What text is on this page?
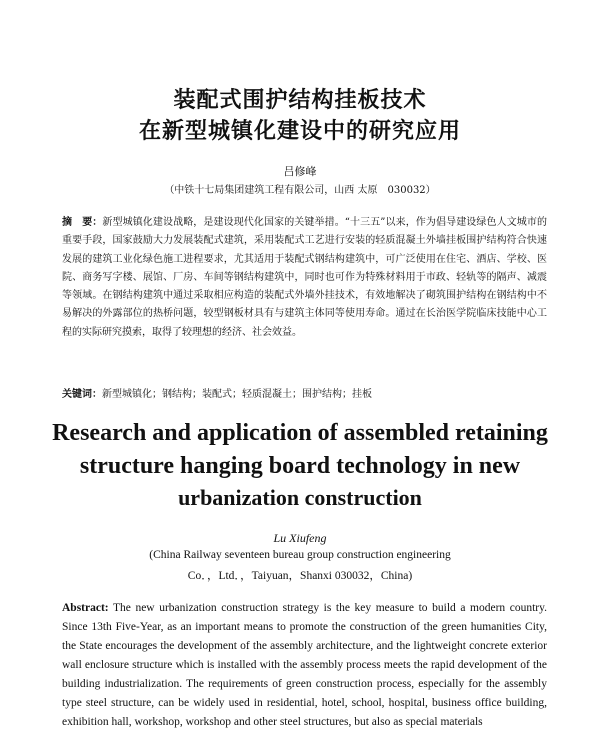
装配式围护结构挂板技术
在新型城镇化建设中的研究应用
吕修峰
（中铁十七局集团建筑工程有限公司，山西 太原　030032）
摘　要：新型城镇化建设战略，是建设现代化国家的关键举措。“十三五”以来，作为倡导建设绿色人文城市的重要手段，国家鼓励大力发展装配式建筑，采用装配式工艺进行安装的轻质混凝土外墙挂板围护结构符合快速发展的建筑工业化绿色施工进程要求，尤其适用于装配式钢结构建筑中，可广泛使用在住宅、酒店、学校、医院、商务写字楼、展馆、厂房、车间等钢结构建筑中，同时也可作为特殊材料用于市政、轻轨等的隔声、减震等领域。在钢结构建筑中通过采取相应构造的装配式外墙外挂技术，有效地解决了砌筑围护结构在钢结构中不易解决的外露部位的热桥问题，较型钢板材具有与建筑主体同等使用寿命。通过在长治医学院临床技能中心工程的实际研究摸索，取得了较理想的经济、社会效益。
关键词：新型城镇化；钢结构；装配式；轻质混凝土；围护结构；挂板
Research and application of assembled retaining
structure hanging board technology in new
urbanization construction
Lu Xiufeng
(China Railway seventeen bureau group construction engineering
Co．，Ltd．，Taiyuan，Shanxi 030032，China)
Abstract: The new urbanization construction strategy is the key measure to build a modern country. Since 13th Five-Year, as an important means to promote the construction of the green humanities City, the State encourages the development of the assembly architecture, and the lightweight concrete exterior wall enclosure structure which is installed with the assembly process meets the rapid development of the building industrialization. The requirements of green construction process, especially for the assembly type steel structure, can be widely used in residential, hotel, school, hospital, business office building, exhibition hall, workshop, workshop and other steel structures, but also as special materials
